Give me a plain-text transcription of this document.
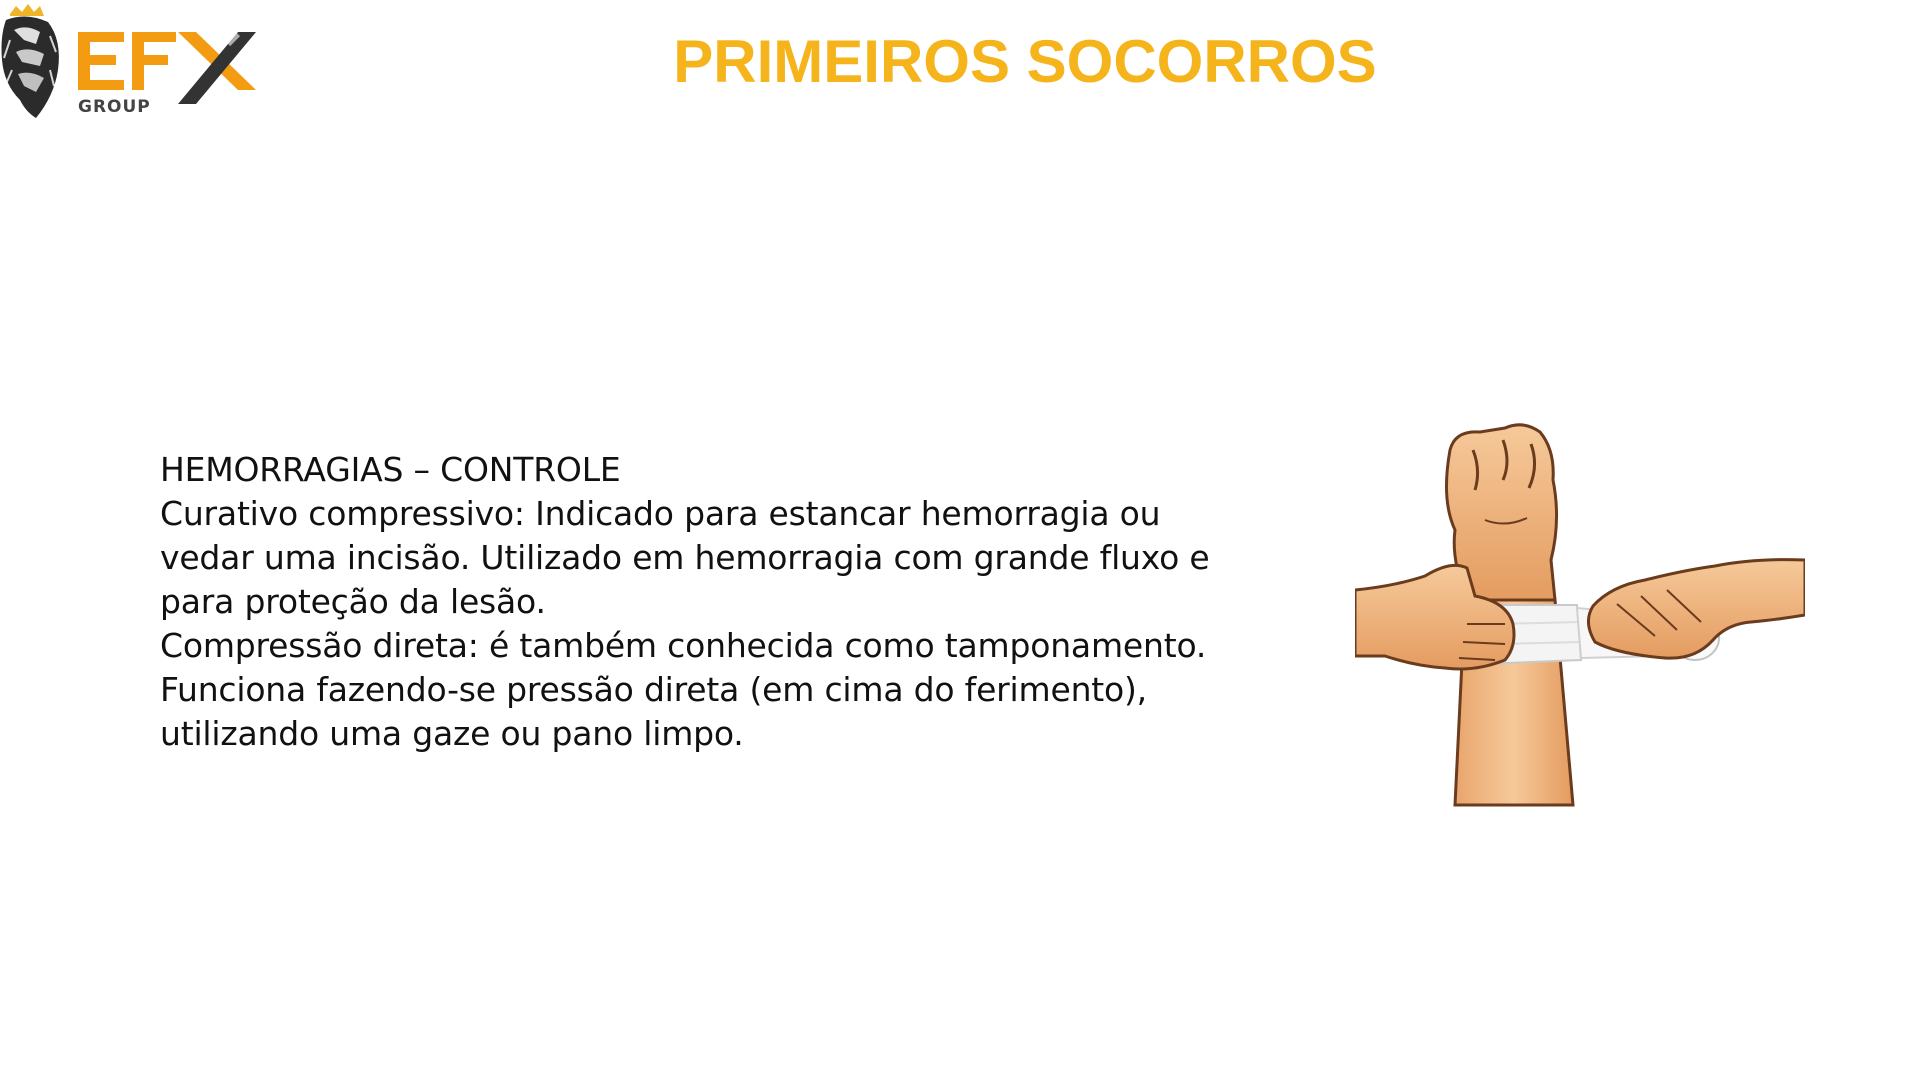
GROUP
PRIMEIROS SOCORROS
HEMORRAGIAS – CONTROLE
Curativo compressivo: Indicado para estancar hemorragia ou
vedar uma incisão. Utilizado em hemorragia com grande fluxo e
para proteção da lesão.
Compressão direta: é também conhecida como tamponamento.
Funciona fazendo-se pressão direta (em cima do ferimento),
utilizando uma gaze ou pano limpo.
